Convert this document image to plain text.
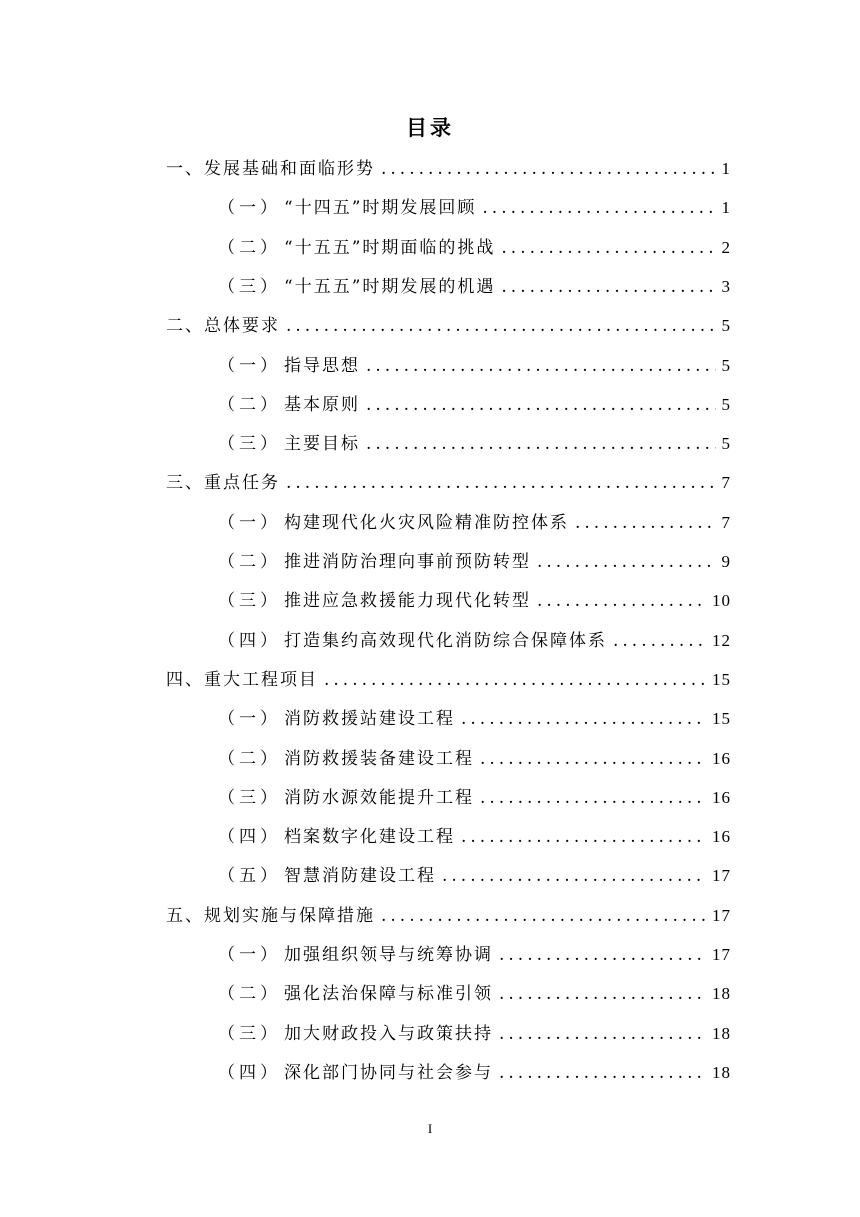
目录
一、发展基础和面临形势 .....	1
（一） “十四五”时期发展回顾 .....	1
（二） “十五五”时期面临的挑战 .....	2
（三） “十五五”时期发展的机遇 .....	3
二、总体要求 .....	5
（一） 指导思想 .....	5
（二） 基本原则 .....	5
（三） 主要目标 .....	5
三、重点任务 .....	7
（一） 构建现代化火灾风险精准防控体系 .....	7
（二） 推进消防治理向事前预防转型 .....	9
（三） 推进应急救援能力现代化转型 .....	10
（四） 打造集约高效现代化消防综合保障体系 .....	12
四、重大工程项目 .....	15
（一） 消防救援站建设工程 .....	15
（二） 消防救援装备建设工程 .....	16
（三） 消防水源效能提升工程 .....	16
（四） 档案数字化建设工程 .....	16
（五） 智慧消防建设工程 .....	17
五、规划实施与保障措施 .....	17
（一） 加强组织领导与统筹协调 .....	17
（二） 强化法治保障与标准引领 .....	18
（三） 加大财政投入与政策扶持 .....	18
（四） 深化部门协同与社会参与 .....	18
I
